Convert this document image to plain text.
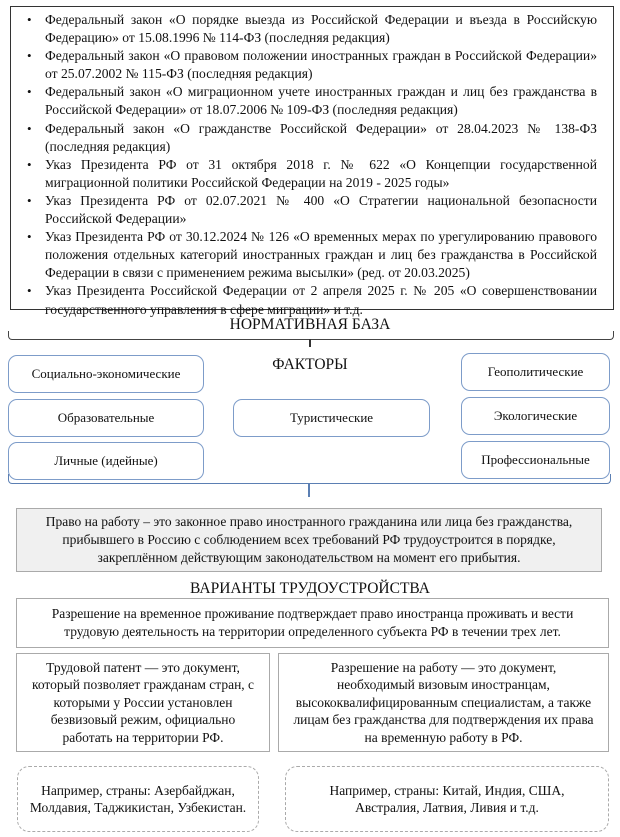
• Федеральный закон «О порядке выезда из Российской Федерации и въезда в Российскую Федерацию» от 15.08.1996 № 114-ФЗ (последняя редакция)
• Федеральный закон «О правовом положении иностранных граждан в Российской Федерации» от 25.07.2002 № 115-ФЗ (последняя редакция)
• Федеральный закон «О миграционном учете иностранных граждан и лиц без гражданства в Российской Федерации» от 18.07.2006 № 109-ФЗ (последняя редакция)
• Федеральный закон «О гражданстве Российской Федерации» от 28.04.2023 № 138-ФЗ (последняя редакция)
• Указ Президента РФ от 31 октября 2018 г. № 622 «О Концепции государственной миграционной политики Российской Федерации на 2019 - 2025 годы»
• Указ Президента РФ от 02.07.2021 № 400 «О Стратегии национальной безопасности Российской Федерации»
• Указ Президента РФ от 30.12.2024 № 126 «О временных мерах по урегулированию правового положения отдельных категорий иностранных граждан и лиц без гражданства в Российской Федерации в связи с применением режима высылки» (ред. от 20.03.2025)
• Указ Президента Российской Федерации от 2 апреля 2025 г. № 205 «О совершенствовании государственного управления в сфере миграции» и т.д.
НОРМАТИВНАЯ БАЗА
ФАКТОРЫ
Социально-экономические
Образовательные
Личные (идейные)
Туристические
Геополитические
Экологические
Профессиональные
Право на работу – это законное право иностранного гражданина или лица без гражданства, прибывшего в Россию с соблюдением всех требований РФ трудоустроится в порядке, закреплённом действующим законодательством на момент его прибытия.
ВАРИАНТЫ ТРУДОУСТРОЙСТВА
Разрешение на временное проживание подтверждает право иностранца проживать и вести трудовую деятельность на территории определенного субъекта РФ в течении трех лет.
Трудовой патент — это документ, который позволяет гражданам стран, с которыми у России установлен безвизовый режим, официально работать на территории РФ.
Разрешение на работу — это документ, необходимый визовым иностранцам, высококвалифицированным специалистам, а также лицам без гражданства для подтверждения их права на временную работу в РФ.
Например, страны: Азербайджан, Молдавия, Таджикистан, Узбекистан.
Например, страны: Китай, Индия, США, Австралия, Латвия, Ливия и т.д.
